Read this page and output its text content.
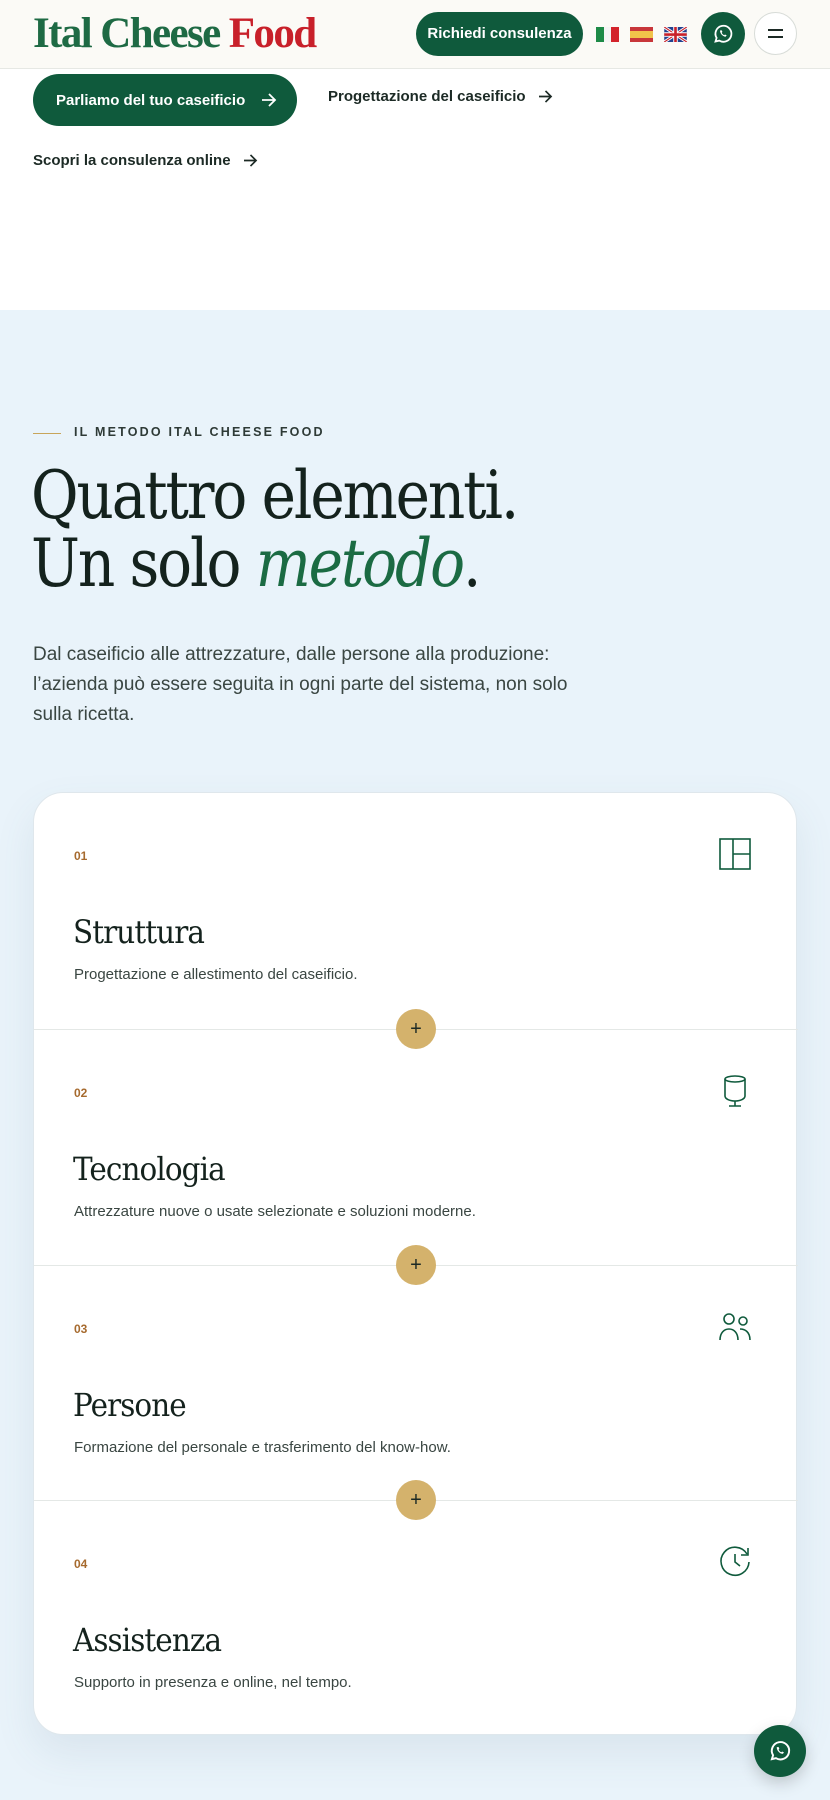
Ital Cheese Food	Richiedi consulenza
Parliamo del tuo caseificio	Progettazione del caseificio
Scopri la consulenza online
IL METODO ITAL CHEESE FOOD
Quattro elementi.
Un solo metodo.

Dal caseificio alle attrezzature, dalle persone alla produzione: l’azienda può essere seguita in ogni parte del sistema, non solo sulla ricetta.

01
Struttura
Progettazione e allestimento del caseificio.
+
02
Tecnologia
Attrezzature nuove o usate selezionate e soluzioni moderne.
+
03
Persone
Formazione del personale e trasferimento del know-how.
+
04
Assistenza
Supporto in presenza e online, nel tempo.
